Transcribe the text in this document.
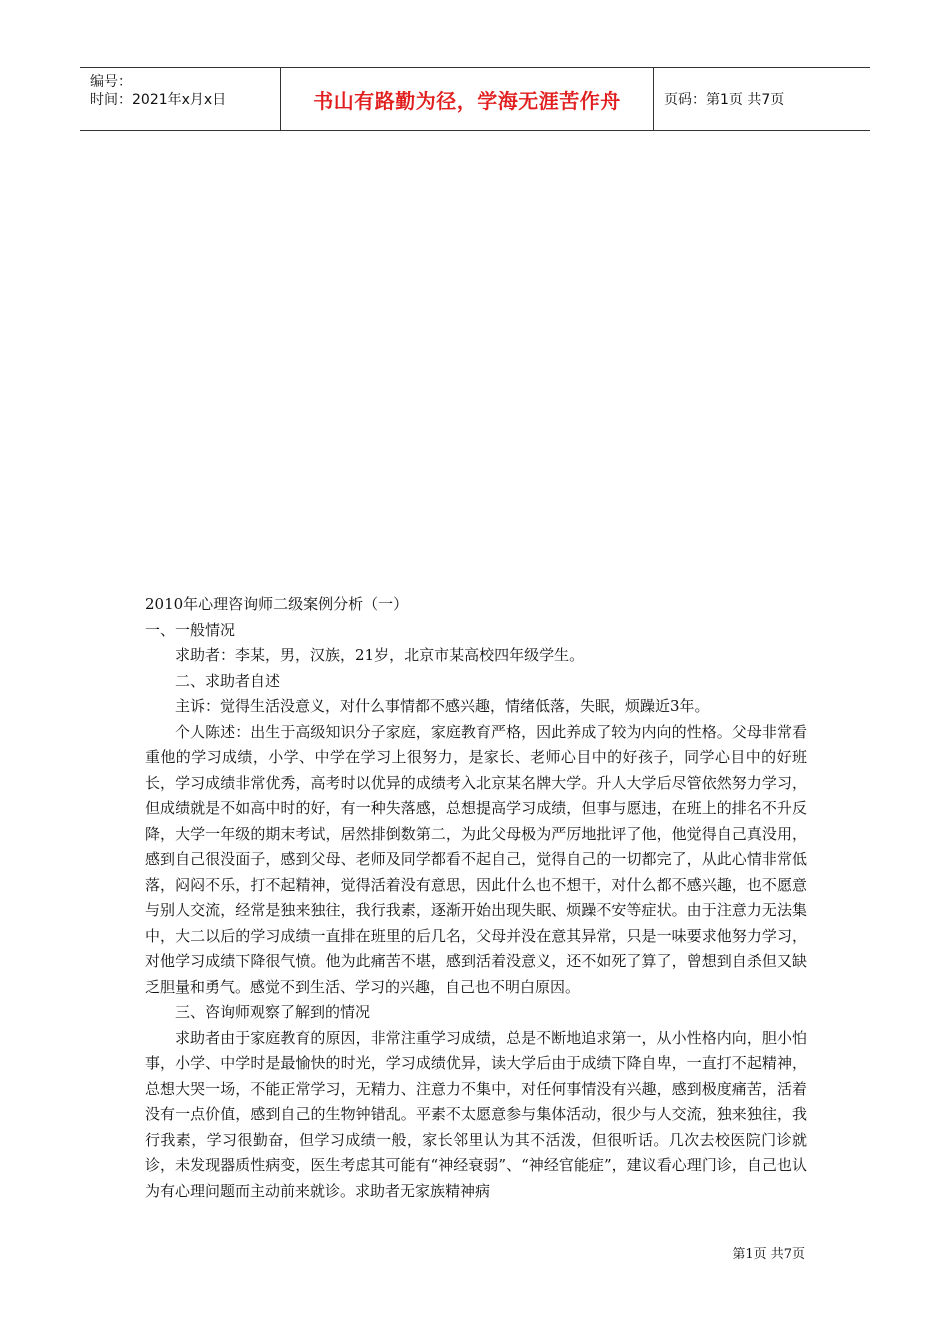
编号：
时间：2021年x月x日	书山有路勤为径，学海无涯苦作舟	页码：第1页 共7页

2010年心理咨询师二级案例分析（一）

一、一般情况

求助者：李某，男，汉族，21岁，北京市某高校四年级学生。

二、求助者自述

主诉：觉得生活没意义，对什么事情都不感兴趣，情绪低落，失眠，烦躁近3年。

个人陈述：出生于高级知识分子家庭，家庭教育严格，因此养成了较为内向的性格。父母非常看重他的学习成绩，小学、中学在学习上很努力，是家长、老师心目中的好孩子，同学心目中的好班长，学习成绩非常优秀，高考时以优异的成绩考入北京某名牌大学。升人大学后尽管依然努力学习，但成绩就是不如高中时的好，有一种失落感，总想提高学习成绩，但事与愿违，在班上的排名不升反降，大学一年级的期末考试，居然排倒数第二，为此父母极为严厉地批评了他，他觉得自己真没用，感到自己很没面子，感到父母、老师及同学都看不起自己，觉得自己的一切都完了，从此心情非常低落，闷闷不乐，打不起精神，觉得活着没有意思，因此什么也不想干，对什么都不感兴趣，也不愿意与别人交流，经常是独来独往，我行我素，逐渐开始出现失眠、烦躁不安等症状。由于注意力无法集中，大二以后的学习成绩一直排在班里的后几名，父母并没在意其异常，只是一味要求他努力学习，对他学习成绩下降很气愤。他为此痛苦不堪，感到活着没意义，还不如死了算了，曾想到自杀但又缺乏胆量和勇气。感觉不到生活、学习的兴趣，自己也不明白原因。

三、咨询师观察了解到的情况

求助者由于家庭教育的原因，非常注重学习成绩，总是不断地追求第一，从小性格内向，胆小怕事，小学、中学时是最愉快的时光，学习成绩优异，读大学后由于成绩下降自卑，一直打不起精神，总想大哭一场，不能正常学习，无精力、注意力不集中，对任何事情没有兴趣，感到极度痛苦，活着没有一点价值，感到自己的生物钟错乱。平素不太愿意参与集体活动，很少与人交流，独来独往，我行我素，学习很勤奋，但学习成绩一般，家长邻里认为其不活泼，但很听话。几次去校医院门诊就诊，未发现器质性病变，医生考虑其可能有“神经衰弱”、“神经官能症”，建议看心理门诊，自己也认为有心理问题而主动前来就诊。求助者无家族精神病

第1页 共7页
